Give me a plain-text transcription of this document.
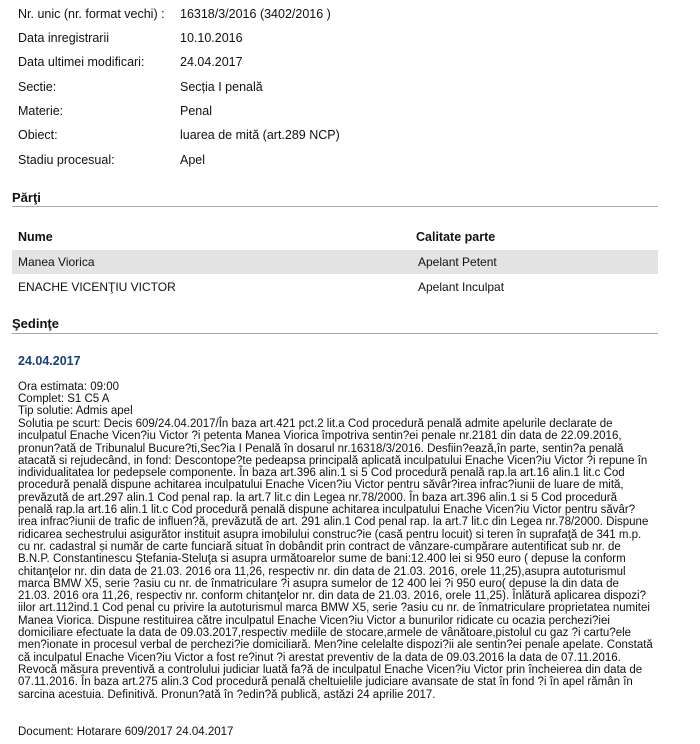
Nr. unic (nr. format vechi) : 16318/3/2016 (3402/2016 )
Data inregistrarii	10.10.2016
Data ultimei modificari:	24.04.2017
Sectie:	Secția I penală
Materie:	Penal
Obiect:	luarea de mită (art.289 NCP)
Stadiu procesual:	Apel
Părţi
Nume	Calitate parte
Manea Viorica	Apelant Petent
ENACHE VICENŢIU VICTOR	Apelant Inculpat
Şedinţe
24.04.2017
Ora estimata: 09:00
Complet: S1 C5 A
Tip solutie: Admis apel
Solutia pe scurt: Decis 609/24.04.2017/În baza art.421 pct.2 lit.a Cod procedură penală admite apelurile declarate de inculpatul Enache Vicen?iu Victor ?i petenta Manea Viorica împotriva sentin?ei penale nr.2181 din data de 22.09.2016, pronun?ată de Tribunalul Bucure?ti,Sec?ia I Penală în dosarul nr.16318/3/2016. Desfiin?ează,în parte, sentin?a penală atacată si rejudecând, in fond: Descontope?te pedeapsa principală aplicată inculpatului Enache Vicen?iu Victor ?i repune în individualitatea lor pedepsele componente. În baza art.396 alin.1 si 5 Cod procedură penală rap.la art.16 alin.1 lit.c Cod procedură penală dispune achitarea inculpatului Enache Vicen?iu Victor pentru săvâr?irea infrac?iunii de luare de mită, prevăzută de art.297 alin.1 Cod penal rap. la art.7 lit.c din Legea nr.78/2000. În baza art.396 alin.1 si 5 Cod procedură penală rap.la art.16 alin.1 lit.c Cod procedură penală dispune achitarea inculpatului Enache Vicen?iu Victor pentru săvâr?irea infrac?iunii de trafic de influen?ă, prevăzută de art. 291 alin.1 Cod penal rap. la art.7 lit.c din Legea nr.78/2000. Dispune ridicarea sechestrului asigurător instituit asupra imobilului construc?ie (casă pentru locuit) si teren în suprafaţă de 341 m.p. cu nr. cadastral și număr de carte funciară situat în dobândit prin contract de vânzare-cumpărare autentificat sub nr. de B.N.P. Constantinescu Ştefania-Steluţa si asupra următoarelor sume de bani:12.400 lei si 950 euro ( depuse la conform chitanţelor nr. din data de 21.03. 2016 ora 11,26, respectiv nr. din data de 21.03. 2016, orele 11,25),asupra autoturismul marca BMW X5, serie ?asiu cu nr. de înmatriculare ?i asupra sumelor de 12 400 lei ?i 950 euro( depuse la din data de 21.03. 2016 ora 11,26, respectiv nr. conform chitanţelor nr. din data de 21.03. 2016, orele 11,25). Înlătură aplicarea dispozi?iilor art.112ind.1 Cod penal cu privire la autoturismul marca BMW X5, serie ?asiu cu nr. de înmatriculare proprietatea numitei Manea Viorica. Dispune restituirea către inculpatul Enache Vicen?iu Victor a bunurilor ridicate cu ocazia perchezi?iei domiciliare efectuate la data de 09.03.2017,respectiv mediile de stocare,armele de vânătoare,pistolul cu gaz ?i cartu?ele men?ionate in procesul verbal de perchezi?ie domiciliară. Men?ine celelalte dispozi?ii ale sentin?ei penale apelate. Constată că inculpatul Enache Vicen?iu Victor a fost re?inut ?i arestat preventiv de la data de 09.03.2016 la data de 07.11.2016. Revocă măsura preventivă a controlului judiciar luată fa?ă de inculpatul Enache Vicen?iu Victor prin încheierea din data de 07.11.2016. În baza art.275 alin.3 Cod procedură penală cheltuielile judiciare avansate de stat în fond ?i în apel rămân în sarcina acestuia. Definitivă. Pronun?ată în ?edin?ă publică, astăzi 24 aprilie 2017.
Document: Hotarare 609/2017 24.04.2017
